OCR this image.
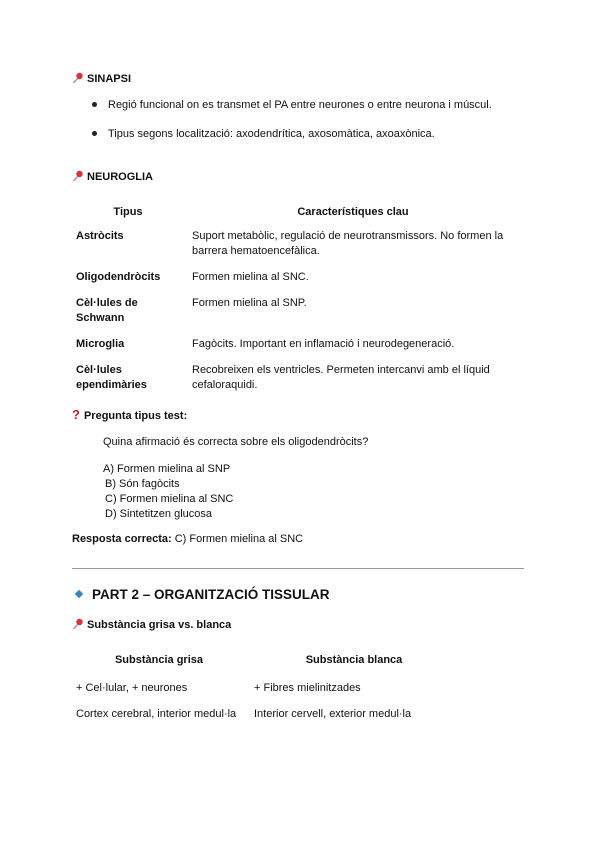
SINAPSI
Regió funcional on es transmet el PA entre neurones o entre neurona i múscul.
Tipus segons localització: axodendrítica, axosomàtica, axoaxònica.
NEUROGLIA
Tipus	Característiques clau
Astròcits	Suport metabòlic, regulació de neurotransmissors. No formen la barrera hematoencefàlica.
Oligodendròcits	Formen mielina al SNC.
Cèl·lules de Schwann	Formen mielina al SNP.
Microglia	Fagòcits. Important en inflamació i neurodegeneració.
Cèl·lules ependimàries	Recobreixen els ventricles. Permeten intercanvi amb el líquid cefaloraquidi.
? Pregunta tipus test:
Quina afirmació és correcta sobre els oligodendròcits?
A) Formen mielina al SNP
B) Són fagòcits
C) Formen mielina al SNC
D) Sintetitzen glucosa
Resposta correcta: C) Formen mielina al SNC
PART 2 – ORGANITZACIÓ TISSULAR
Substància grisa vs. blanca
Substància grisa	Substància blanca
+ Cel·lular, + neurones	+ Fibres mielinitzades
Cortex cerebral, interior medul·la	Interior cervell, exterior medul·la
